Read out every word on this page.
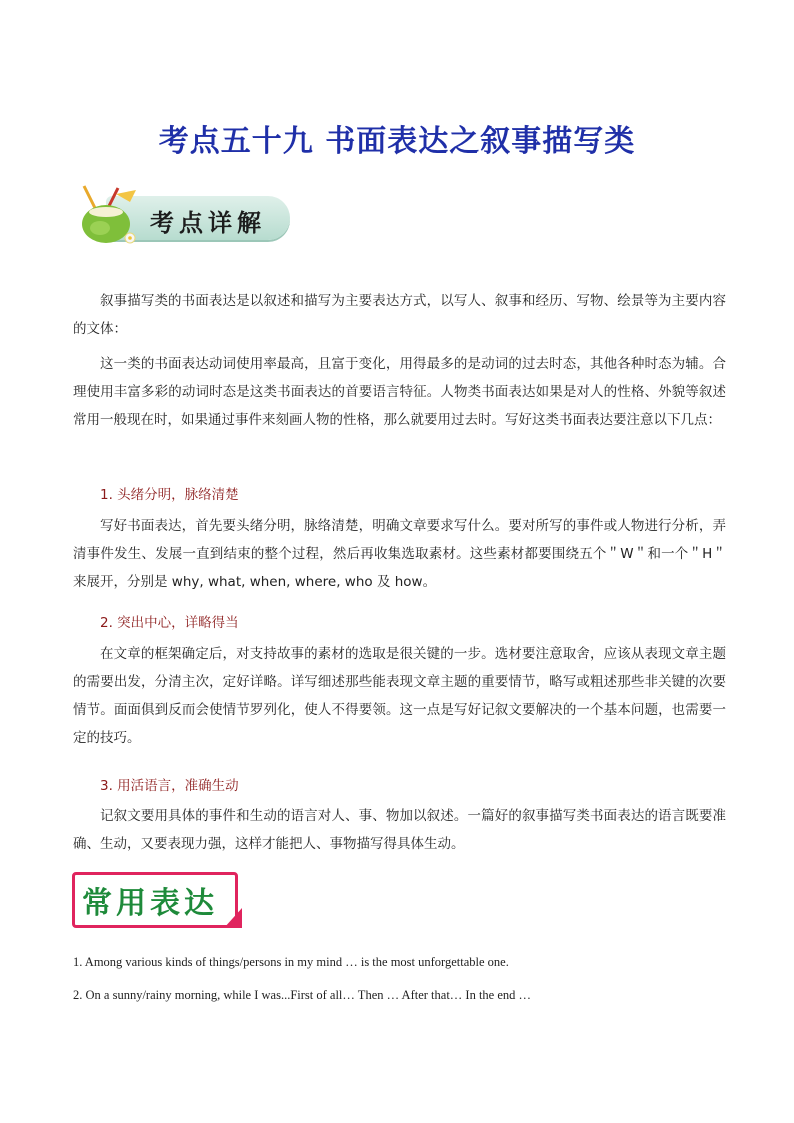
考点五十九 书面表达之叙事描写类
考点详解
叙事描写类的书面表达是以叙述和描写为主要表达方式，以写人、叙事和经历、写物、绘景等为主要内容的文体：
这一类的书面表达动词使用率最高，且富于变化，用得最多的是动词的过去时态，其他各种时态为辅。合理使用丰富多彩的动词时态是这类书面表达的首要语言特征。人物类书面表达如果是对人的性格、外貌等叙述常用一般现在时，如果通过事件来刻画人物的性格，那么就要用过去时。写好这类书面表达要注意以下几点：
1. 头绪分明，脉络清楚
写好书面表达，首先要头绪分明，脉络清楚，明确文章要求写什么。要对所写的事件或人物进行分析，弄清事件发生、发展一直到结束的整个过程，然后再收集选取素材。这些素材都要围绕五个＂W＂和一个＂H＂来展开，分别是 why, what, when, where, who 及 how。
2. 突出中心，详略得当
在文章的框架确定后，对支持故事的素材的选取是很关键的一步。选材要注意取舍，应该从表现文章主题的需要出发，分清主次，定好详略。详写细述那些能表现文章主题的重要情节，略写或粗述那些非关键的次要情节。面面俱到反而会使情节罗列化，使人不得要领。这一点是写好记叙文要解决的一个基本问题，也需要一定的技巧。
3. 用活语言，准确生动
记叙文要用具体的事件和生动的语言对人、事、物加以叙述。一篇好的叙事描写类书面表达的语言既要准确、生动，又要表现力强，这样才能把人、事物描写得具体生动。
常用表达
1. Among various kinds of things/persons in my mind … is the most unforgettable one.
2. On a sunny/rainy morning, while I was...First of all… Then … After that… In the end …
